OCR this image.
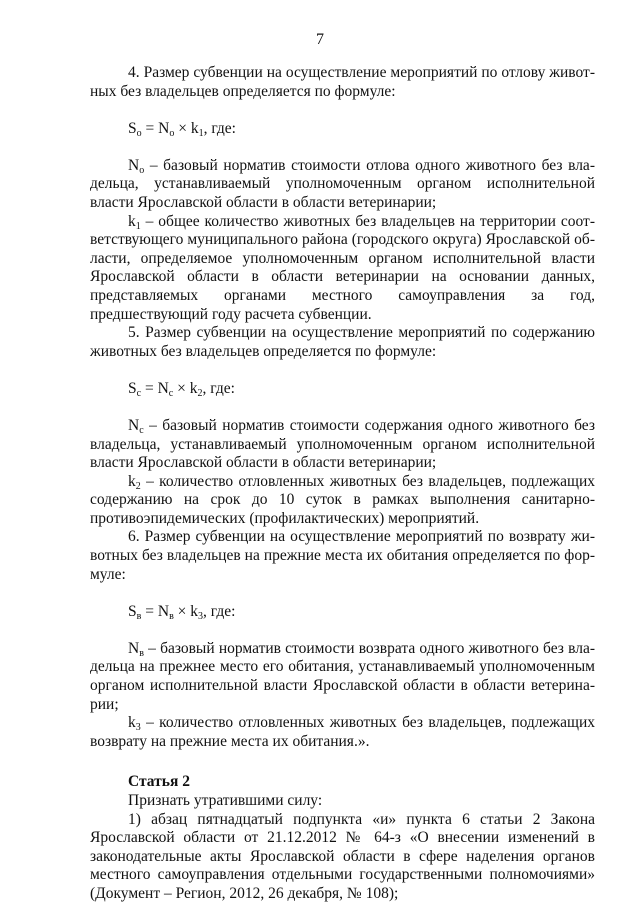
7

4. Размер субвенции на осуществление мероприятий по отлову животных без владельцев определяется по формуле:

$S_о = N_о \times k_1$, где:

$N_о$ – базовый норматив стоимости отлова одного животного без владельца, устанавливаемый уполномоченным органом исполнительной власти Ярославской области в области ветеринарии;

$k_1$ – общее количество животных без владельцев на территории соответствующего муниципального района (городского округа) Ярославской области, определяемое уполномоченным органом исполнительной власти Ярославской области в области ветеринарии на основании данных, представляемых органами местного самоуправления за год, предшествующий году расчета субвенции.

5. Размер субвенции на осуществление мероприятий по содержанию животных без владельцев определяется по формуле:

$S_с = N_с \times k_2$, где:

$N_с$ – базовый норматив стоимости содержания одного животного без владельца, устанавливаемый уполномоченным органом исполнительной власти Ярославской области в области ветеринарии;

$k_2$ – количество отловленных животных без владельцев, подлежащих содержанию на срок до 10 суток в рамках выполнения санитарно-противоэпидемических (профилактических) мероприятий.

6. Размер субвенции на осуществление мероприятий по возврату животных без владельцев на прежние места их обитания определяется по формуле:

$S_в = N_в \times k_3$, где:

$N_в$ – базовый норматив стоимости возврата одного животного без владельца на прежнее место его обитания, устанавливаемый уполномоченным органом исполнительной власти Ярославской области в области ветеринарии;

$k_3$ – количество отловленных животных без владельцев, подлежащих возврату на прежние места их обитания.».

Статья 2

Признать утратившими силу:

1) абзац пятнадцатый подпункта «и» пункта 6 статьи 2 Закона Ярославской области от 21.12.2012 № 64-з «О внесении изменений в законодательные акты Ярославской области в сфере наделения органов местного самоуправления отдельными государственными полномочиями» (Документ – Регион, 2012, 26 декабря, № 108);
